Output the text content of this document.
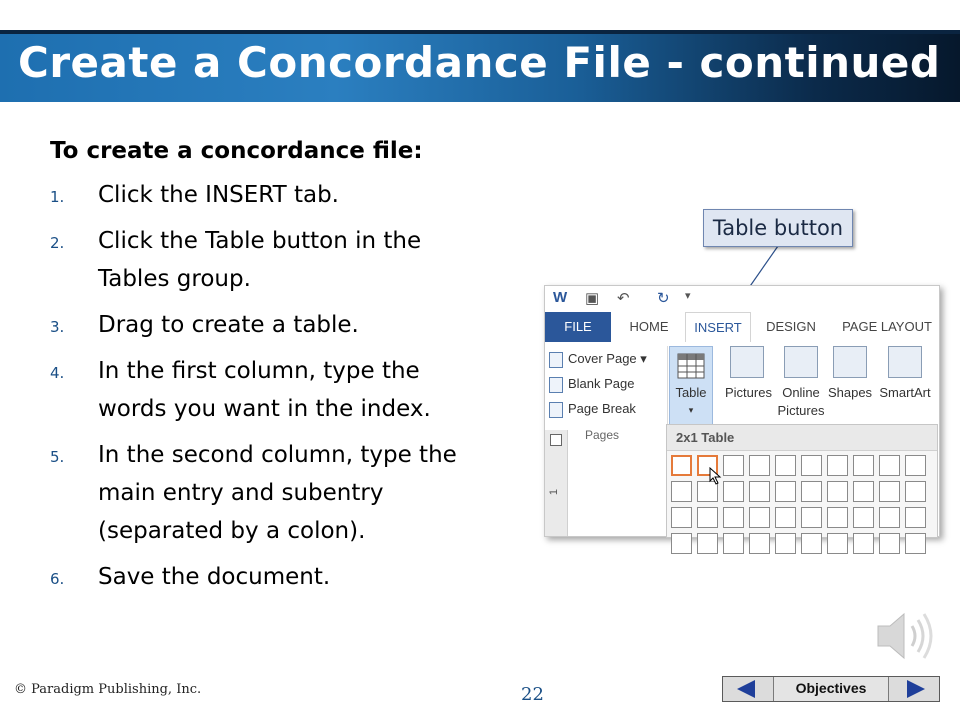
Create a Concordance File - continued
To create a concordance file:
1. Click the INSERT tab.
2. Click the Table button in the Tables group.
3. Drag to create a table.
4. In the first column, type the words you want in the index.
5. In the second column, type the main entry and subentry (separated by a colon).
6. Save the document.
Table button
W ▣ ↶ ↻ ▾
FILE	HOME	INSERT	DESIGN	PAGE LAYOUT
Cover Page ▾
Blank Page
Page Break
Pages
Table
▾
Pictures Online Pictures
Shapes SmartArt
1
2x1 Table
© Paradigm Publishing, Inc.	22	Objectives
